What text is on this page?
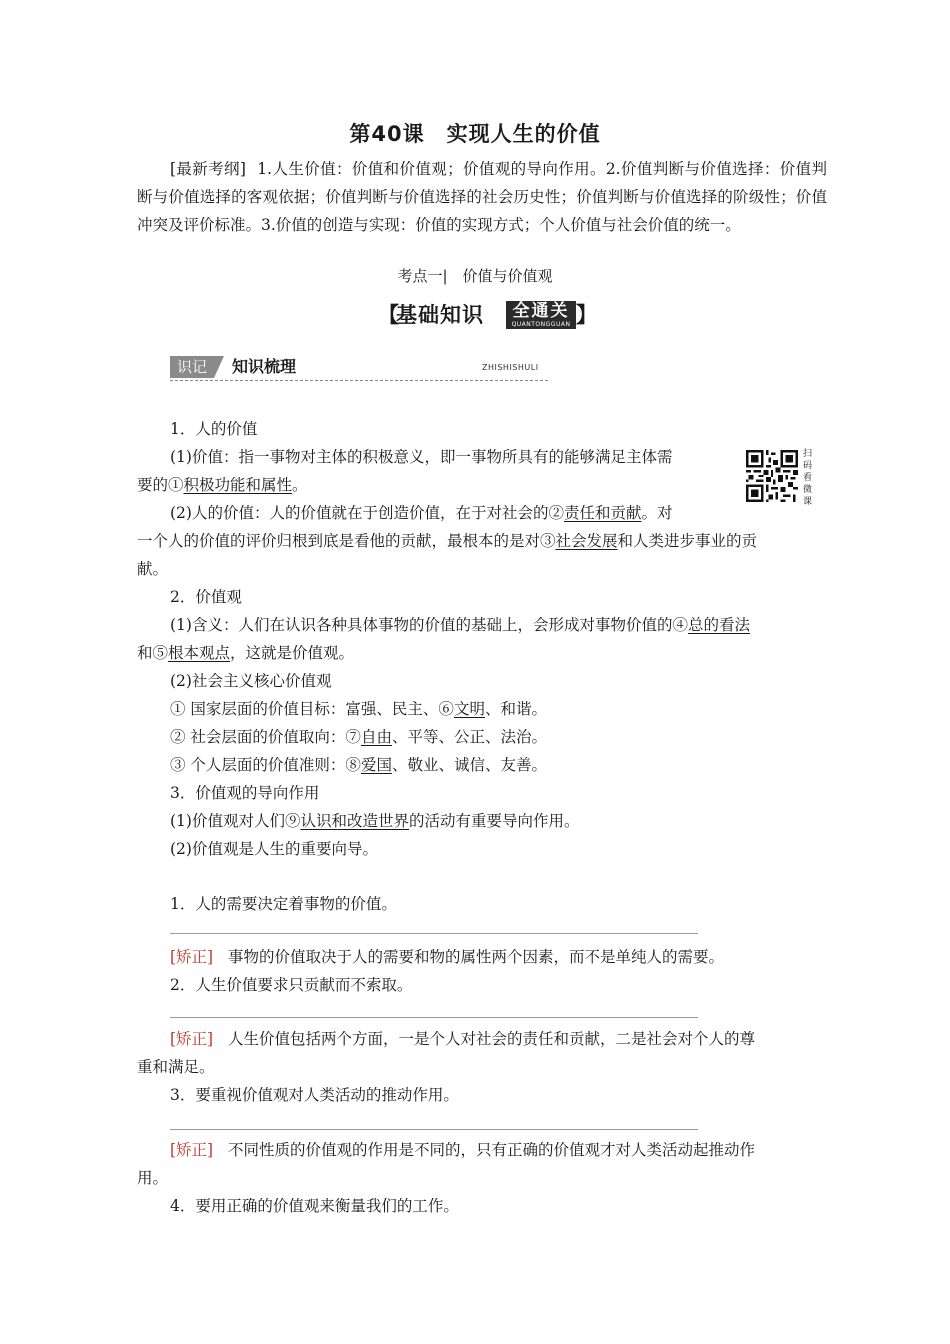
第40课　实现人生的价值
[最新考纲] 1.人生价值：价值和价值观；价值观的导向作用。2.价值判断与价值选择：价值判断与价值选择的客观依据；价值判断与价值选择的社会历史性；价值判断与价值选择的阶级性；价值冲突及评价标准。3.价值的创造与实现：价值的实现方式；个人价值与社会价值的统一。
考点一|　价值与价值观
【
基础知识	全通关
QUANTONGGUAN 】
识记	知识梳理	ZHISHISHULI
1．人的价值
(1)价值：指一事物对主体的积极意义，即一事物所具有的能够满足主体需
要的①积极功能和属性。
扫码看微课
(2)人的价值：人的价值就在于创造价值，在于对社会的②责任和贡献。对
一个人的价值的评价归根到底是看他的贡献，最根本的是对③社会发展和人类进步事业的贡
献。
2．价值观
(1)含义：人们在认识各种具体事物的价值的基础上，会形成对事物价值的④总的看法
和⑤根本观点，这就是价值观。
(2)社会主义核心价值观
① 国家层面的价值目标：富强、民主、⑥文明、和谐。
② 社会层面的价值取向：⑦自由、平等、公正、法治。
③ 个人层面的价值准则：⑧爱国、敬业、诚信、友善。
3．价值观的导向作用
(1)价值观对人们⑨认识和改造世界的活动有重要导向作用。
(2)价值观是人生的重要向导。
1．人的需要决定着事物的价值。
[矫正] 事物的价值取决于人的需要和物的属性两个因素，而不是单纯人的需要。
2．人生价值要求只贡献而不索取。
[矫正] 人生价值包括两个方面，一是个人对社会的责任和贡献，二是社会对个人的尊
重和满足。
3．要重视价值观对人类活动的推动作用。
[矫正] 不同性质的价值观的作用是不同的，只有正确的价值观才对人类活动起推动作
用。
4．要用正确的价值观来衡量我们的工作。
